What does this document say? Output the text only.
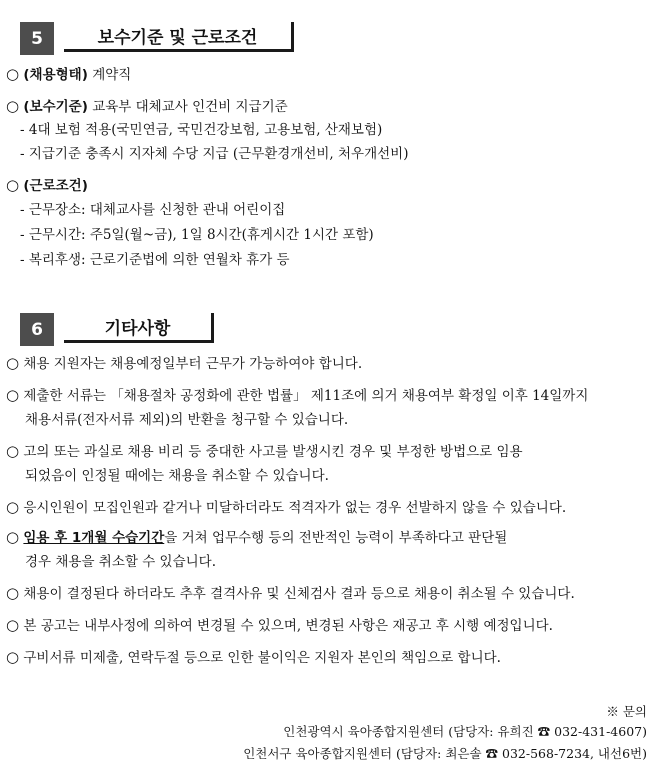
5	보수기준 및 근로조건
○ (채용형태) 계약직
○ (보수기준) 교육부 대체교사 인건비 지급기준
- 4대 보험 적용(국민연금, 국민건강보험, 고용보험, 산재보험)
- 지급기준 충족시 지자체 수당 지급 (근무환경개선비, 처우개선비)
○ (근로조건)
- 근무장소: 대체교사를 신청한 관내 어린이집
- 근무시간: 주5일(월~금), 1일 8시간(휴게시간 1시간 포함)
- 복리후생: 근로기준법에 의한 연월차 휴가 등
6	기타사항
○ 채용 지원자는 채용예정일부터 근무가 가능하여야 합니다.
○ 제출한 서류는 「채용절차 공정화에 관한 법률」 제11조에 의거 채용여부 확정일 이후 14일까지
채용서류(전자서류 제외)의 반환을 청구할 수 있습니다.
○ 고의 또는 과실로 채용 비리 등 중대한 사고를 발생시킨 경우 및 부정한 방법으로 임용
되었음이 인정될 때에는 채용을 취소할 수 있습니다.
○ 응시인원이 모집인원과 같거나 미달하더라도 적격자가 없는 경우 선발하지 않을 수 있습니다.
○ 임용 후 1개월 수습기간을 거쳐 업무수행 등의 전반적인 능력이 부족하다고 판단될
경우 채용을 취소할 수 있습니다.
○ 채용이 결정된다 하더라도 추후 결격사유 및 신체검사 결과 등으로 채용이 취소될 수 있습니다.
○ 본 공고는 내부사정에 의하여 변경될 수 있으며, 변경된 사항은 재공고 후 시행 예정입니다.
○ 구비서류 미제출, 연락두절 등으로 인한 불이익은 지원자 본인의 책임으로 합니다.
※ 문의
인천광역시 육아종합지원센터 (담당자: 유희진 ☎ 032-431-4607)
인천서구 육아종합지원센터 (담당자: 최은솔 ☎ 032-568-7234, 내선6번)
